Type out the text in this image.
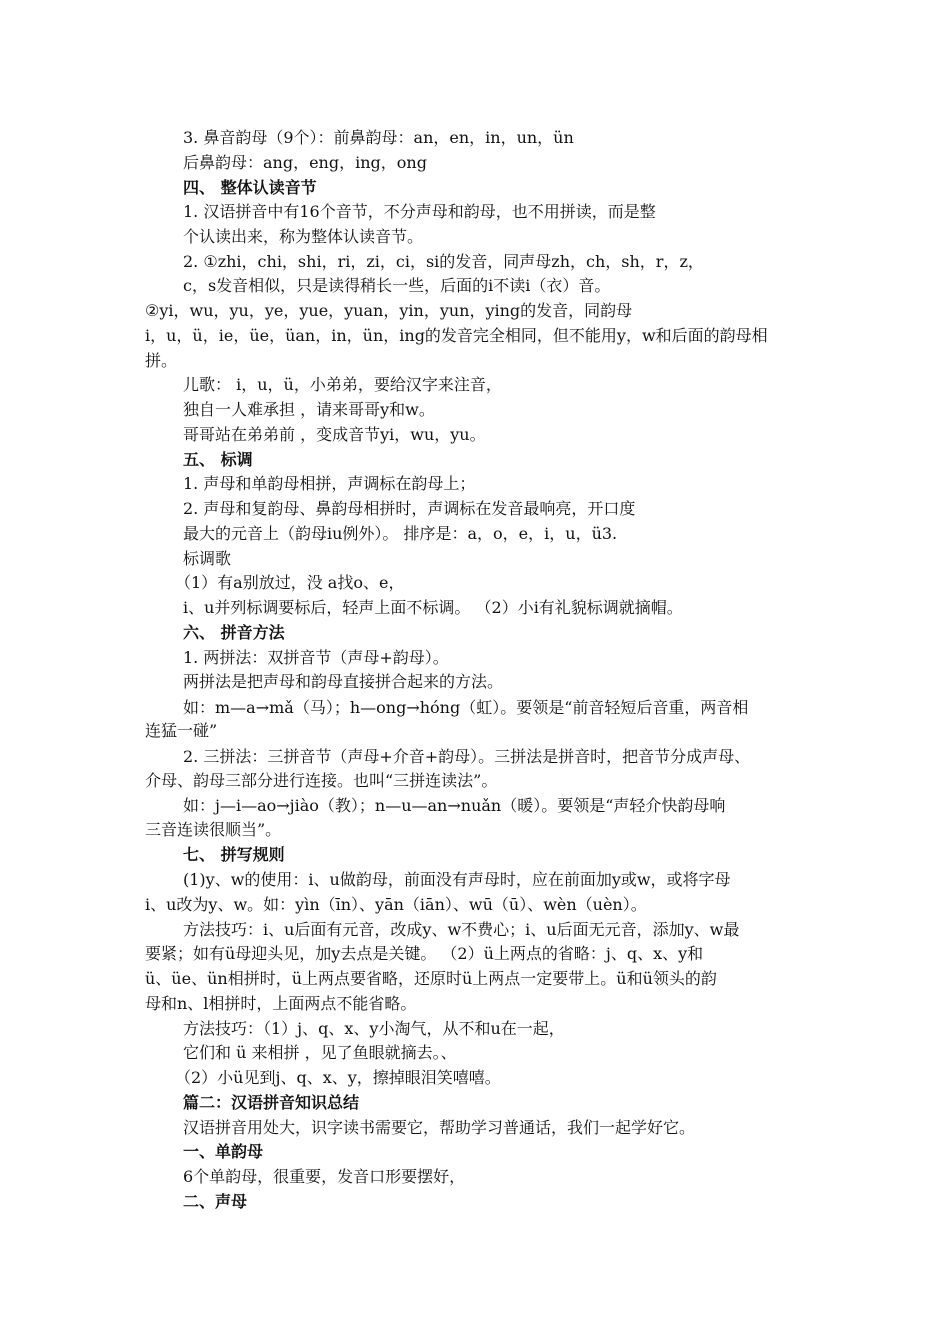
3. 鼻音韵母（9个）：前鼻韵母：an，en，in，un，ün
后鼻韵母：ang，eng，ing，ong
四、 整体认读音节
1. 汉语拼音中有16个音节，不分声母和韵母，也不用拼读，而是整
个认读出来，称为整体认读音节。
2. ①zhi，chi，shi，ri，zi，ci，si的发音，同声母zh，ch，sh，r，z，
c，s发音相似，只是读得稍长一些，后面的i不读i（衣）音。
②yi，wu，yu，ye，yue，yuan，yin，yun，ying的发音，同韵母
i，u，ü，ie，üe，üan，in，ün，ing的发音完全相同，但不能用y，w和后面的韵母相
拼。
儿歌： i，u，ü，小弟弟，要给汉字来注音，
独自一人难承担 ，请来哥哥y和w。
哥哥站在弟弟前 ，变成音节yi，wu，yu。
五、 标调
1. 声母和单韵母相拼，声调标在韵母上；
2. 声母和复韵母、鼻韵母相拼时，声调标在发音最响亮，开口度
最大的元音上（韵母iu例外）。 排序是：a，o，e，i，u，ü3.
标调歌
（1）有a别放过，没 a找o、e，
i、u并列标调要标后，轻声上面不标调。 （2）小i有礼貌标调就摘帽。
六、 拼音方法
1. 两拼法：双拼音节（声母+韵母）。
两拼法是把声母和韵母直接拼合起来的方法。
如：m—a→mǎ（马）；h—ong→hóng（虹）。要领是“前音轻短后音重，两音相
连猛一碰”
2. 三拼法：三拼音节（声母+介音+韵母）。三拼法是拼音时，把音节分成声母、
介母、韵母三部分进行连接。也叫“三拼连读法”。
如：j—i—ao→jiào（教）；n—u—an→nuǎn（暖）。要领是“声轻介快韵母响
三音连读很顺当”。
七、 拼写规则
(1)y、w的使用：i、u做韵母，前面没有声母时，应在前面加y或w，或将字母
i、u改为y、w。如：yìn（īn）、yān（iān）、wū（ū）、wèn（uèn）。
方法技巧：i、u后面有元音，改成y、w不费心；i、u后面无元音，添加y、w最
要紧；如有ü母迎头见，加y去点是关键。 （2）ü上两点的省略：j、q、x、y和
ü、üe、ün相拼时，ü上两点要省略，还原时ü上两点一定要带上。ü和ü领头的韵
母和n、l相拼时，上面两点不能省略。
方法技巧：（1）j、q、x、y小淘气，从不和u在一起，
它们和 ü 来相拼 ，见了鱼眼就摘去。、
（2）小ü见到j、q、x、y，擦掉眼泪笑嘻嘻。
篇二：汉语拼音知识总结
汉语拼音用处大，识字读书需要它，帮助学习普通话，我们一起学好它。
一、单韵母
6个单韵母，很重要，发音口形要摆好，
二、声母
